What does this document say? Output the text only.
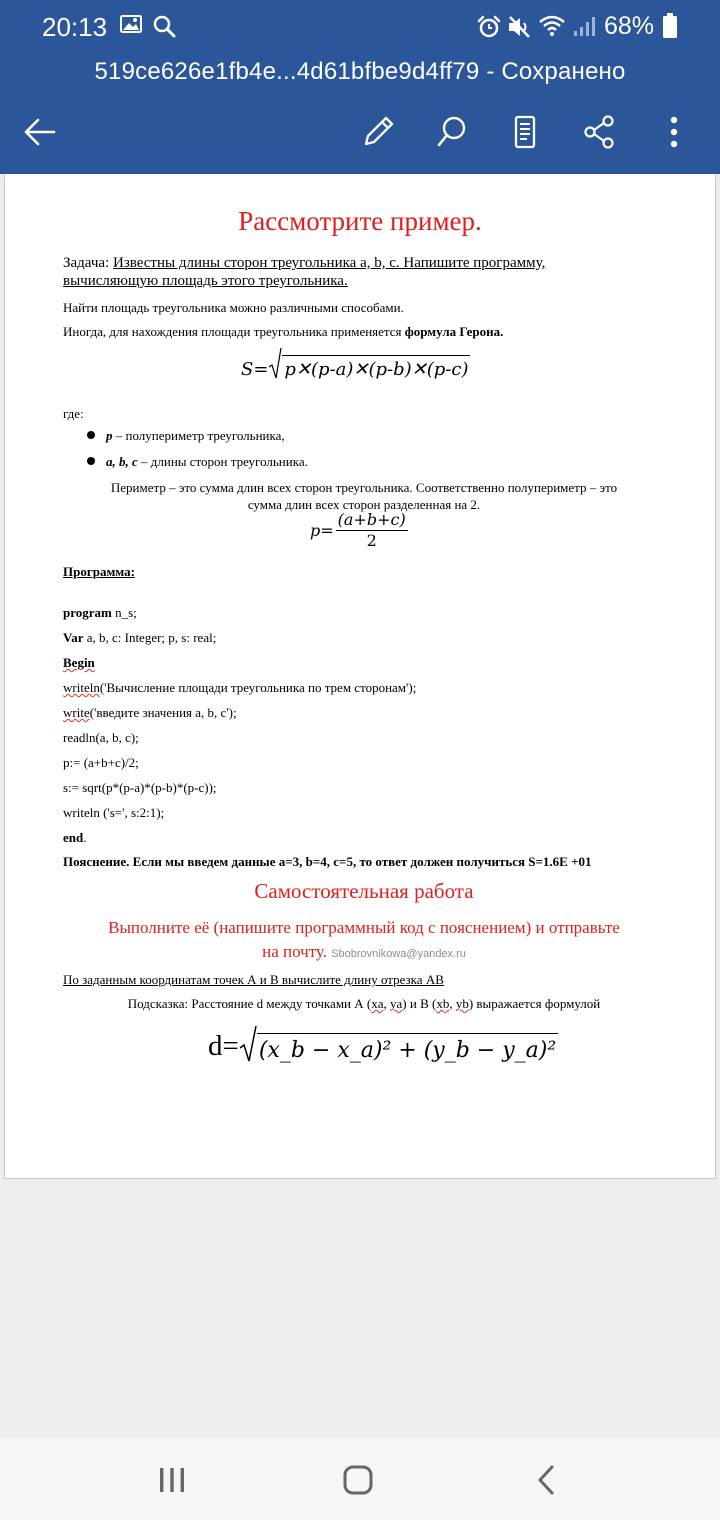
20:13	68%
519ce626e1fb4e...4d61bfbe9d4ff79 - Сохранено
Рассмотрите пример.
Задача: Известны длины сторон треугольника a, b, c. Напишите программу,
вычисляющую площадь этого треугольника.
Найти площадь треугольника можно различными способами.
Иногда, для нахождения площади треугольника применяется формула Герона.
S= p✕(p-a)✕(p-b)✕(p-c)
где:
p – полупериметр треугольника,
a, b, c – длины сторон треугольника.
Периметр – это сумма длин всех сторон треугольника. Соответственно полупериметр – это
сумма длин всех сторон разделенная на 2.
$p= \frac{(a+b+c)}{2}$
Программа:
program n_s;
Var a, b, c: Integer; p, s: real;
Begin
writeln('Вычисление площади треугольника по трем сторонам');
write('введите значения a, b, c');
readln(a, b, c);
p:= (a+b+c)/2;
s:= sqrt(p*(p-a)*(p-b)*(p-c));
writeln ('s=', s:2:1);
end.
Пояснение. Если мы введем данные a=3, b=4, c=5, то ответ должен получиться S=1.6E +01
Самостоятельная работа
Выполните её (напишите программный код с пояснением) и отправьте
на почту. Sbobrovnikowa@yandex.ru
По заданным координатам точек А и В вычислите длину отрезка АВ
Подсказка: Расстояние d между точками А (xa, ya) и В (xb, yb) выражается формулой
d= (x_b − x_a)² + (y_b − y_a)²
